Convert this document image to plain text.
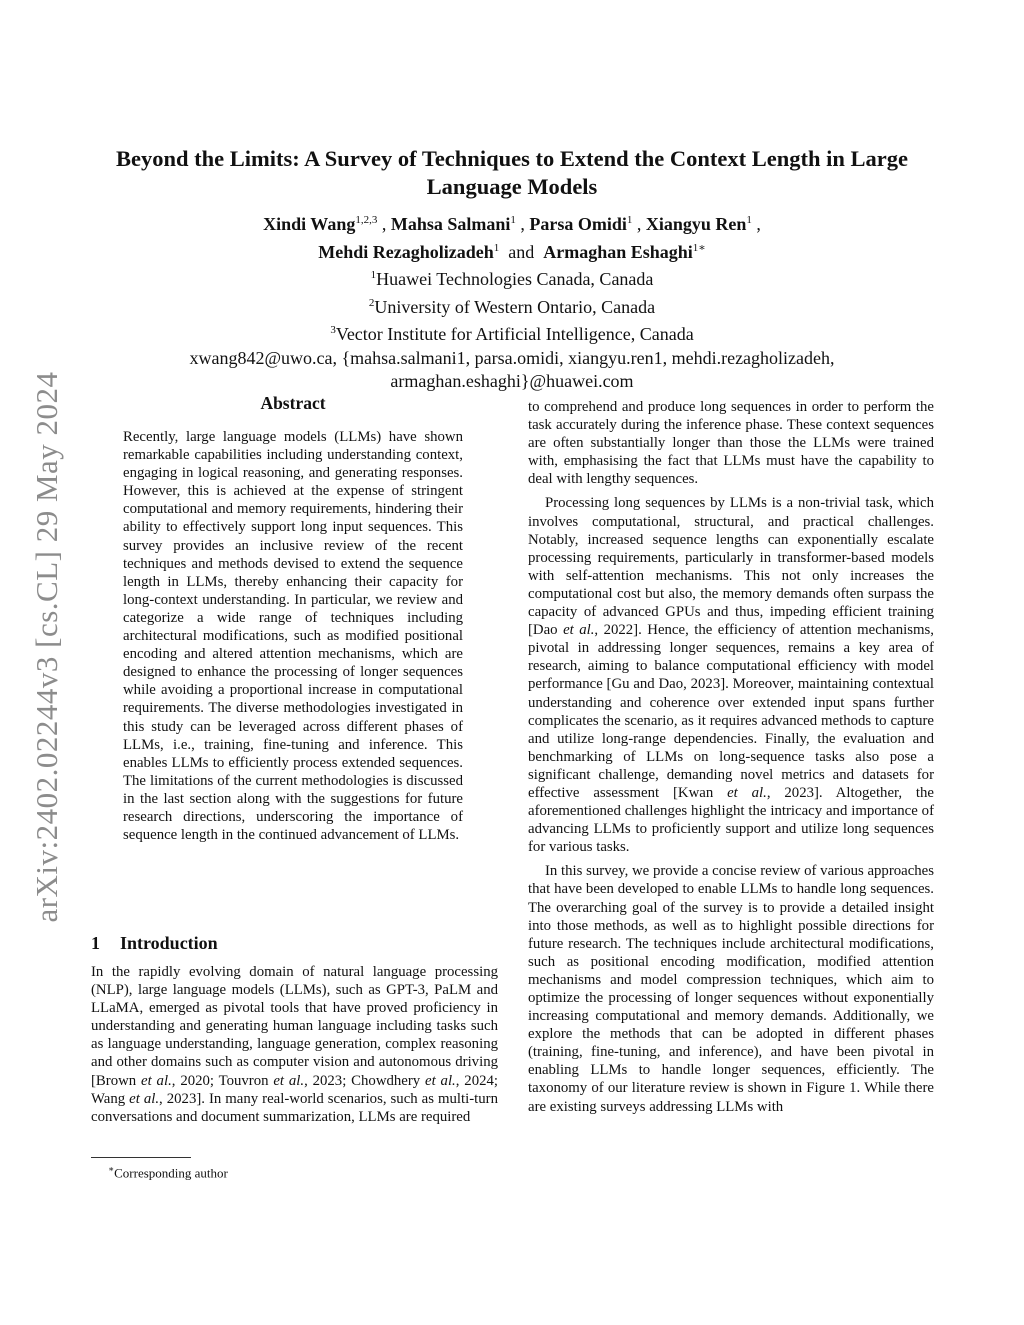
arXiv:2402.02244v3 [cs.CL] 29 May 2024
Beyond the Limits: A Survey of Techniques to Extend the Context Length in Large Language Models
Xindi Wang$^{1,2,3}$ , Mahsa Salmani$^1$ , Parsa Omidi$^1$ , Xiangyu Ren$^1$ ,
Mehdi Rezagholizadeh$^1$ and Armaghan Eshaghi$^{1∗}$
$^1$Huawei Technologies Canada, Canada
$^2$University of Western Ontario, Canada
$^3$Vector Institute for Artificial Intelligence, Canada
xwang842@uwo.ca, {mahsa.salmani1, parsa.omidi, xiangyu.ren1, mehdi.rezagholizadeh,
armaghan.eshaghi}@huawei.com
Abstract

Recently, large language models (LLMs) have shown remarkable capabilities including understanding context, engaging in logical reasoning, and generating responses. However, this is achieved at the expense of stringent computational and memory requirements, hindering their ability to effectively support long input sequences. This survey provides an inclusive review of the recent techniques and methods devised to extend the sequence length in LLMs, thereby enhancing their capacity for long-context understanding. In particular, we review and categorize a wide range of techniques including architectural modifications, such as modified positional encoding and altered attention mechanisms, which are designed to enhance the processing of longer sequences while avoiding a proportional increase in computational requirements. The diverse methodologies investigated in this study can be leveraged across different phases of LLMs, i.e., training, fine-tuning and inference. This enables LLMs to efficiently process extended sequences. The limitations of the current methodologies is discussed in the last section along with the suggestions for future research directions, underscoring the importance of sequence length in the continued advancement of LLMs.

1 Introduction

In the rapidly evolving domain of natural language processing (NLP), large language models (LLMs), such as GPT-3, PaLM and LLaMA, emerged as pivotal tools that have proved proficiency in understanding and generating human language including tasks such as language understanding, language generation, complex reasoning and other domains such as computer vision and autonomous driving [Brown et al., 2020; Touvron et al., 2023; Chowdhery et al., 2024; Wang et al., 2023]. In many real-world scenarios, such as multi-turn conversations and document summarization, LLMs are required

∗Corresponding author

to comprehend and produce long sequences in order to perform the task accurately during the inference phase. These context sequences are often substantially longer than those the LLMs were trained with, emphasising the fact that LLMs must have the capability to deal with lengthy sequences.

Processing long sequences by LLMs is a non-trivial task, which involves computational, structural, and practical challenges. Notably, increased sequence lengths can exponentially escalate processing requirements, particularly in transformer-based models with self-attention mechanisms. This not only increases the computational cost but also, the memory demands often surpass the capacity of advanced GPUs and thus, impeding efficient training [Dao et al., 2022]. Hence, the efficiency of attention mechanisms, pivotal in addressing longer sequences, remains a key area of research, aiming to balance computational efficiency with model performance [Gu and Dao, 2023]. Moreover, maintaining contextual understanding and coherence over extended input spans further complicates the scenario, as it requires advanced methods to capture and utilize long-range dependencies. Finally, the evaluation and benchmarking of LLMs on long-sequence tasks also pose a significant challenge, demanding novel metrics and datasets for effective assessment [Kwan et al., 2023]. Altogether, the aforementioned challenges highlight the intricacy and importance of advancing LLMs to proficiently support and utilize long sequences for various tasks.

In this survey, we provide a concise review of various approaches that have been developed to enable LLMs to handle long sequences. The overarching goal of the survey is to provide a detailed insight into those methods, as well as to highlight possible directions for future research. The techniques include architectural modifications, such as positional encoding modification, modified attention mechanisms and model compression techniques, which aim to optimize the processing of longer sequences without exponentially increasing computational and memory demands. Additionally, we explore the methods that can be adopted in different phases (training, fine-tuning, and inference), and have been pivotal in enabling LLMs to handle longer sequences, efficiently. The taxonomy of our literature review is shown in Figure 1. While there are existing surveys addressing LLMs with
